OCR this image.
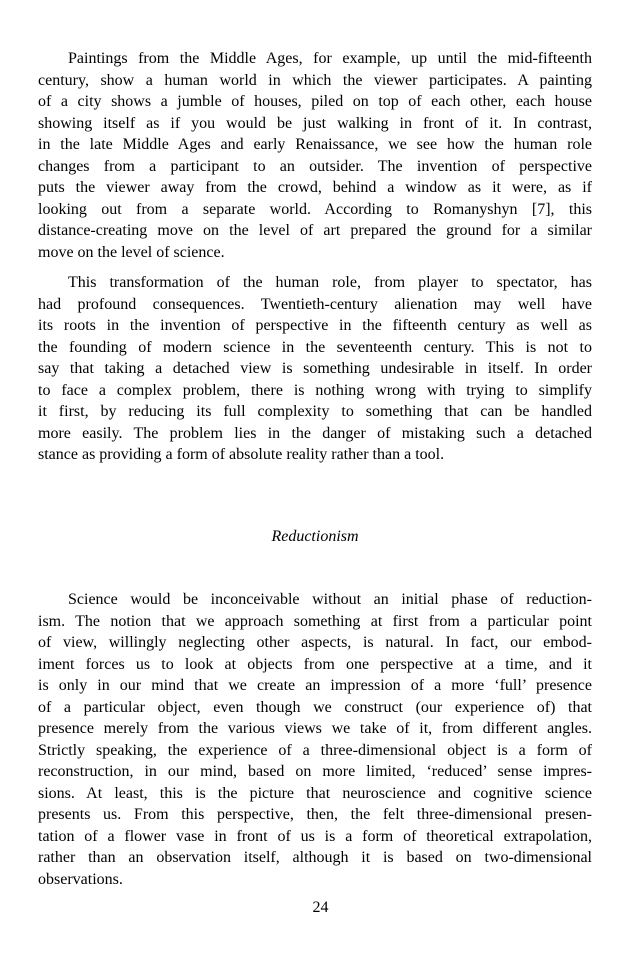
Paintings from the Middle Ages, for example, up until the mid-fifteenth
century, show a human world in which the viewer participates. A painting
of a city shows a jumble of houses, piled on top of each other, each house
showing itself as if you would be just walking in front of it. In contrast,
in the late Middle Ages and early Renaissance, we see how the human role
changes from a participant to an outsider. The invention of perspective
puts the viewer away from the crowd, behind a window as it were, as if
looking out from a separate world. According to Romanyshyn [7], this
distance-creating move on the level of art prepared the ground for a similar
move on the level of science.
This transformation of the human role, from player to spectator, has
had profound consequences. Twentieth-century alienation may well have
its roots in the invention of perspective in the fifteenth century as well as
the founding of modern science in the seventeenth century. This is not to
say that taking a detached view is something undesirable in itself. In order
to face a complex problem, there is nothing wrong with trying to simplify
it first, by reducing its full complexity to something that can be handled
more easily. The problem lies in the danger of mistaking such a detached
stance as providing a form of absolute reality rather than a tool.
Reductionism
Science would be inconceivable without an initial phase of reduction-
ism. The notion that we approach something at first from a particular point
of view, willingly neglecting other aspects, is natural. In fact, our embod-
iment forces us to look at objects from one perspective at a time, and it
is only in our mind that we create an impression of a more ‘full’ presence
of a particular object, even though we construct (our experience of) that
presence merely from the various views we take of it, from different angles.
Strictly speaking, the experience of a three-dimensional object is a form of
reconstruction, in our mind, based on more limited, ‘reduced’ sense impres-
sions. At least, this is the picture that neuroscience and cognitive science
presents us. From this perspective, then, the felt three-dimensional presen-
tation of a flower vase in front of us is a form of theoretical extrapolation,
rather than an observation itself, although it is based on two-dimensional
observations.
24
